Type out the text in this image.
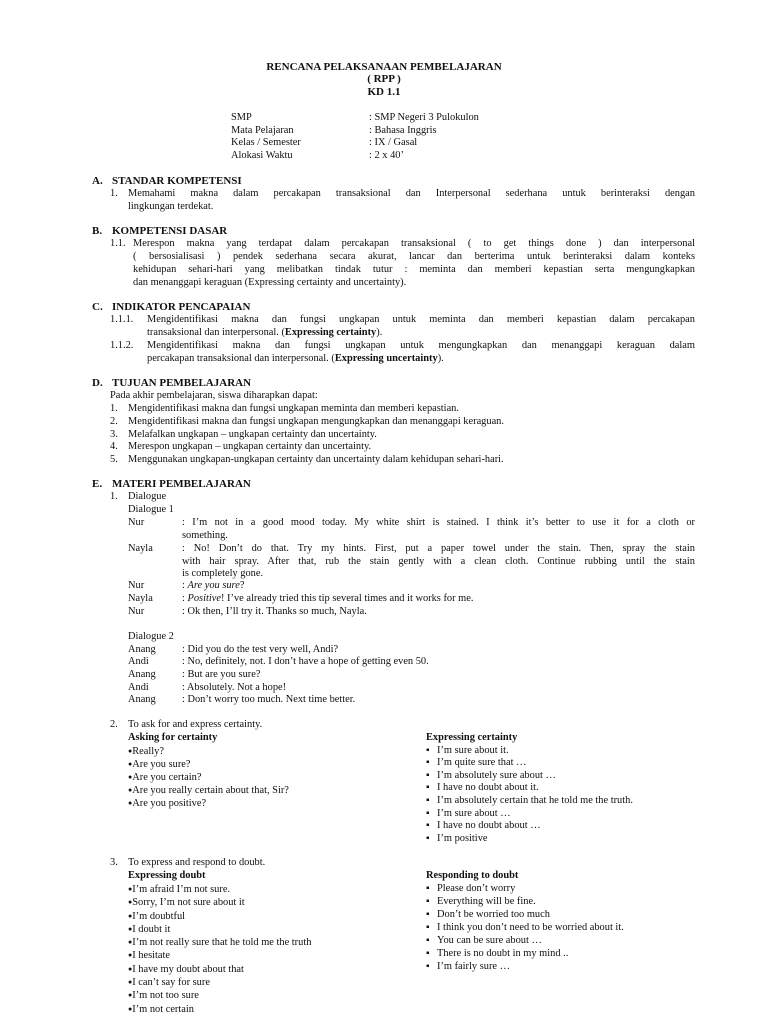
RENCANA PELAKSANAAN PEMBELAJARAN
( RPP )
KD 1.1
SMP	: SMP Negeri 3 Pulokulon
Mata Pelajaran	: Bahasa Inggris
Kelas / Semester	: IX / Gasal
Alokasi Waktu	: 2 x 40’
A. STANDAR KOMPETENSI
1. Memahami makna dalam percakapan transaksional dan Interpersonal sederhana untuk berinteraksi dengan
lingkungan terdekat.
B. KOMPETENSI DASAR
1.1. Merespon makna yang terdapat dalam percakapan transaksional ( to get things done ) dan interpersonal
( bersosialisasi ) pendek sederhana secara akurat, lancar dan berterima untuk berinteraksi dalam konteks
kehidupan sehari-hari yang melibatkan tindak tutur : meminta dan memberi kepastian serta mengungkapkan
dan menanggapi keraguan (Expressing certainty and uncertainty).
C. INDIKATOR PENCAPAIAN
1.1.1. Mengidentifikasi makna dan fungsi ungkapan untuk meminta dan memberi kepastian dalam percakapan
transaksional dan interpersonal. (Expressing certainty).
1.1.2. Mengidentifikasi makna dan fungsi ungkapan untuk mengungkapkan dan menanggapi keraguan dalam
percakapan transaksional dan interpersonal. (Expressing uncertainty).
D. TUJUAN PEMBELAJARAN
Pada akhir pembelajaran, siswa diharapkan dapat:
1. Mengidentifikasi makna dan fungsi ungkapan meminta dan memberi kepastian.
2. Mengidentifikasi makna dan fungsi ungkapan mengungkapkan dan menanggapi keraguan.
3. Melafalkan ungkapan – ungkapan certainty dan uncertainty.
4. Merespon ungkapan – ungkapan certainty dan uncertainty.
5. Menggunakan ungkapan-ungkapan certainty dan uncertainty dalam kehidupan sehari-hari.
E. MATERI PEMBELAJARAN
1. Dialogue
Dialogue 1
Nur	: I’m not in a good mood today. My white shirt is stained. I think it’s better to use it for a cloth or
something.
Nayla	: No! Don’t do that. Try my hints. First, put a paper towel under the stain. Then, spray the stain
with hair spray. After that, rub the stain gently with a clean cloth. Continue rubbing until the stain
is completely gone.
Nur	: Are you sure?
Nayla	: Positive! I’ve already tried this tip several times and it works for me.
Nur	: Ok then, I’ll try it. Thanks so much, Nayla.
Dialogue 2
Anang	: Did you do the test very well, Andi?
Andi	: No, definitely, not. I don’t have a hope of getting even 50.
Anang	: But are you sure?
Andi	: Absolutely. Not a hope!
Anang	: Don’t worry too much. Next time better.
2. To ask for and express certainty.
Asking for certainty
● Really?
● Are you sure?
● Are you certain?
● Are you really certain about that, Sir?
● Are you positive?
Expressing certainty
▪ I’m sure about it.
▪ I’m quite sure that …
▪ I’m absolutely sure about …
▪ I have no doubt about it.
▪ I’m absolutely certain that he told me the truth.
▪ I’m sure about …
▪ I have no doubt about …
▪ I’m positive
3. To express and respond to doubt.
Expressing doubt
● I’m afraid I’m not sure.
● Sorry, I’m not sure about it
● I’m doubtful
● I doubt it
● I’m not really sure that he told me the truth
● I hesitate
● I have my doubt about that
● I can’t say for sure
● I’m not too sure
● I’m not certain
Responding to doubt
▪ Please don’t worry
▪ Everything will be fine.
▪ Don’t be worried too much
▪ I think you don’t need to be worried about it.
▪ You can be sure about …
▪ There is no doubt in my mind ..
▪ I’m fairly sure …
